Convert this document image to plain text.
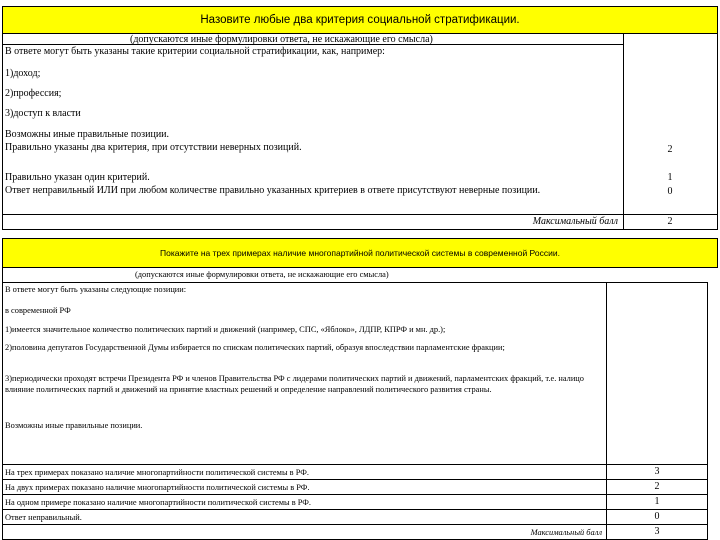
Назовите любые два критерия социальной стратификации.
(допускаются иные формулировки ответа, не искажающие его смысла)
В ответе могут быть указаны такие критерии социальной стратификации, как, например:
1)доход;
2)профессия;
3)доступ к власти
Возможны иные правильные позиции.
Правильно указаны два критерия, при отсутствии неверных позиций.	2
Правильно указан один критерий.	1
Ответ неправильный ИЛИ при любом количестве правильно указанных критериев в ответе присутствуют неверные позиции.	0
Максимальный балл	2
Покажите на трех примерах наличие многопартийной политической системы в современной России.
(допускаются иные формулировки ответа, не искажающие его смысла)
В ответе могут быть указаны следующие позиции:
в современной РФ
1)имеется значительное количество политических партий и движений (например, СПС, «Яблоко», ЛДПР, КПРФ и мн. др.);
2)половина депутатов Государственной Думы избирается по спискам политических партий, образуя впоследствии парламентские фракции;
3)периодически проходят встречи Президента РФ и членов Правительства РФ с лидерами политических партий и движений, парламентских фракций, т.е. налицо влияние политических партий и движений на принятие властных решений и определение направлений политического развития страны.
Возможны иные правильные позиции.
На трех примерах показано наличие многопартийности политической системы в РФ.	3
На двух примерах показано наличие многопартийности политической системы в РФ.	2
На одном примере показано наличие многопартийности политической системы в РФ.	1
Ответ неправильный.	0
Максимальный балл	3
